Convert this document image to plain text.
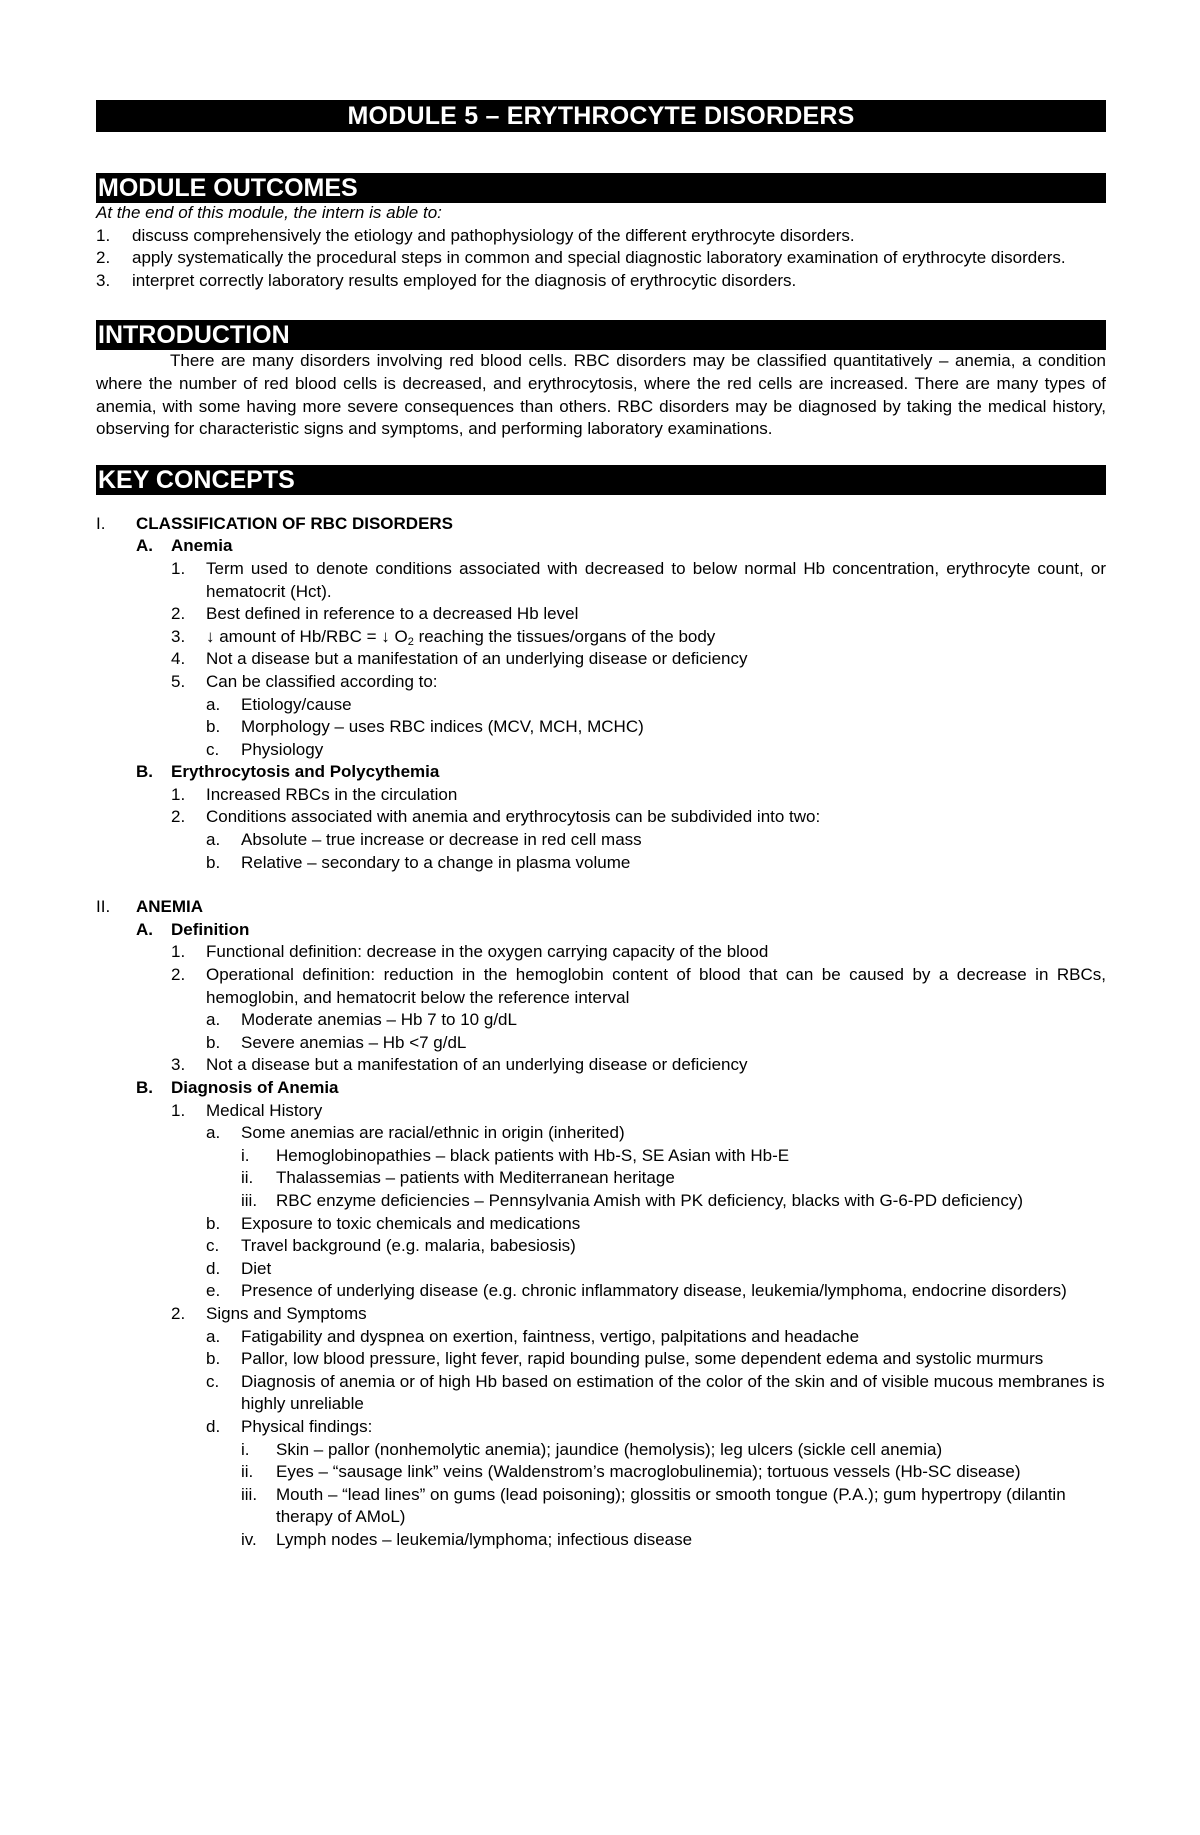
MODULE 5 – ERYTHROCYTE DISORDERS
MODULE OUTCOMES
At the end of this module, the intern is able to:
1. discuss comprehensively the etiology and pathophysiology of the different erythrocyte disorders.
2. apply systematically the procedural steps in common and special diagnostic laboratory examination of erythrocyte disorders.
3. interpret correctly laboratory results employed for the diagnosis of erythrocytic disorders.
INTRODUCTION
There are many disorders involving red blood cells. RBC disorders may be classified quantitatively – anemia, a condition where the number of red blood cells is decreased, and erythrocytosis, where the red cells are increased. There are many types of anemia, with some having more severe consequences than others. RBC disorders may be diagnosed by taking the medical history, observing for characteristic signs and symptoms, and performing laboratory examinations.
KEY CONCEPTS
I. CLASSIFICATION OF RBC DISORDERS
A. Anemia
1. Term used to denote conditions associated with decreased to below normal Hb concentration, erythrocyte count, or hematocrit (Hct).
2. Best defined in reference to a decreased Hb level
3. ↓ amount of Hb/RBC = ↓ $O_2$ reaching the tissues/organs of the body
4. Not a disease but a manifestation of an underlying disease or deficiency
5. Can be classified according to:
a. Etiology/cause
b. Morphology – uses RBC indices (MCV, MCH, MCHC)
c. Physiology
B. Erythrocytosis and Polycythemia
1. Increased RBCs in the circulation
2. Conditions associated with anemia and erythrocytosis can be subdivided into two:
a. Absolute – true increase or decrease in red cell mass
b. Relative – secondary to a change in plasma volume
II. ANEMIA
A. Definition
1. Functional definition: decrease in the oxygen carrying capacity of the blood
2. Operational definition: reduction in the hemoglobin content of blood that can be caused by a decrease in RBCs, hemoglobin, and hematocrit below the reference interval
a. Moderate anemias – Hb 7 to 10 g/dL
b. Severe anemias – Hb <7 g/dL
3. Not a disease but a manifestation of an underlying disease or deficiency
B. Diagnosis of Anemia
1. Medical History
a. Some anemias are racial/ethnic in origin (inherited)
i. Hemoglobinopathies – black patients with Hb-S, SE Asian with Hb-E
ii. Thalassemias – patients with Mediterranean heritage
iii. RBC enzyme deficiencies – Pennsylvania Amish with PK deficiency, blacks with G-6-PD deficiency)
b. Exposure to toxic chemicals and medications
c. Travel background (e.g. malaria, babesiosis)
d. Diet
e. Presence of underlying disease (e.g. chronic inflammatory disease, leukemia/lymphoma, endocrine disorders)
2. Signs and Symptoms
a. Fatigability and dyspnea on exertion, faintness, vertigo, palpitations and headache
b. Pallor, low blood pressure, light fever, rapid bounding pulse, some dependent edema and systolic murmurs
c. Diagnosis of anemia or of high Hb based on estimation of the color of the skin and of visible mucous membranes is highly unreliable
d. Physical findings:
i. Skin – pallor (nonhemolytic anemia); jaundice (hemolysis); leg ulcers (sickle cell anemia)
ii. Eyes – “sausage link” veins (Waldenstrom’s macroglobulinemia); tortuous vessels (Hb-SC disease)
iii. Mouth – “lead lines” on gums (lead poisoning); glossitis or smooth tongue (P.A.); gum hypertropy (dilantin therapy of AMoL)
iv. Lymph nodes – leukemia/lymphoma; infectious disease
